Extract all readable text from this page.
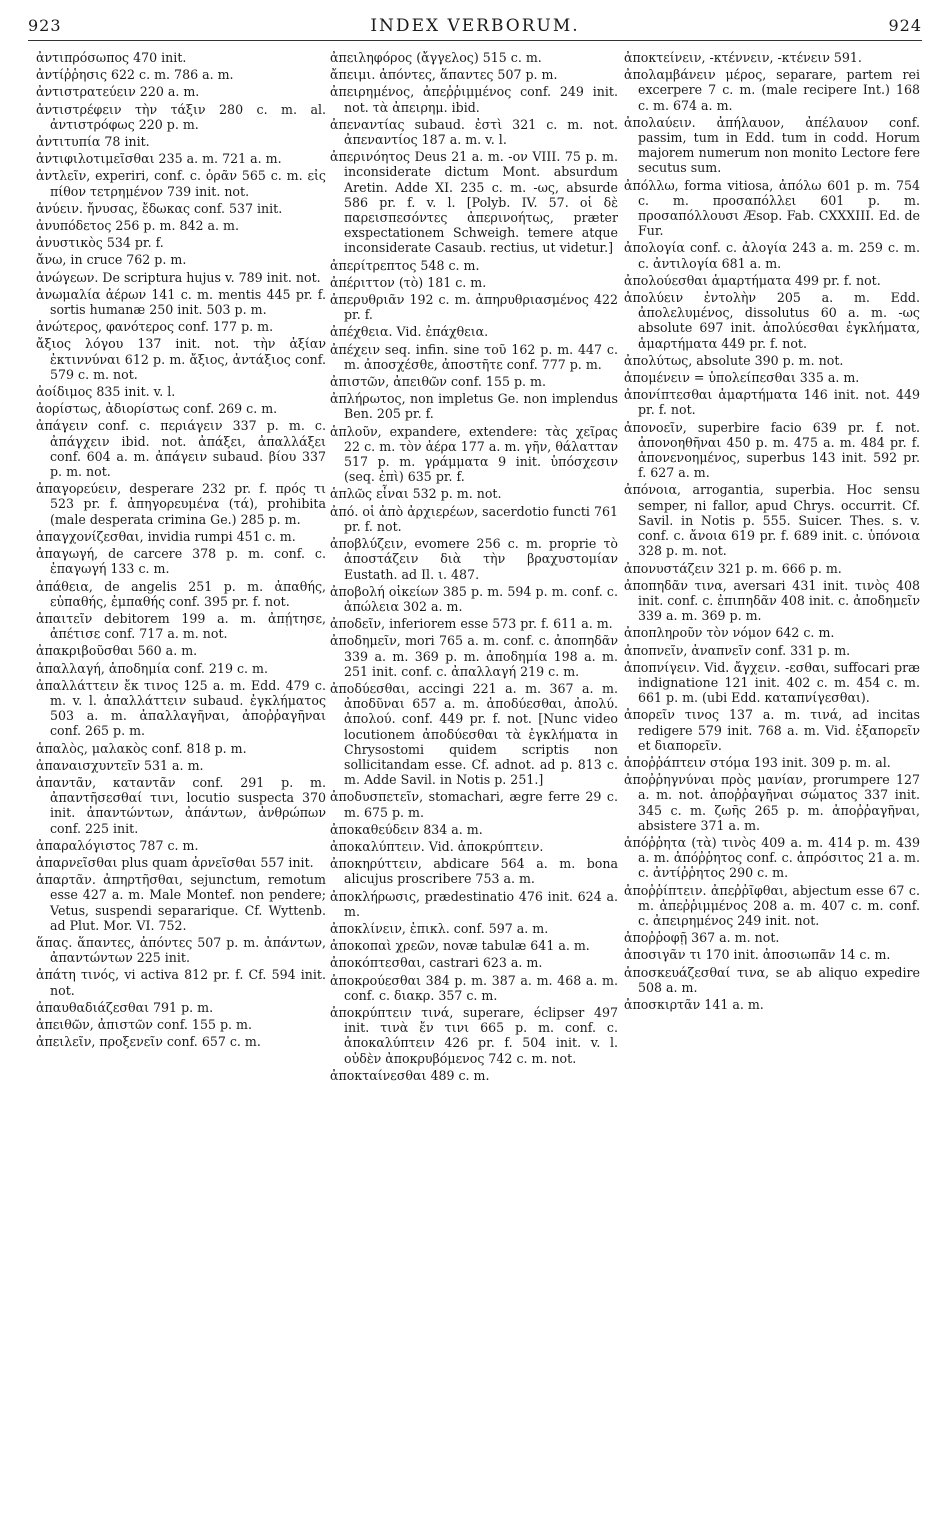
923	INDEX VERBORUM.	924
ἀντιπρόσωπος 470 init.
ἀντίῤῥησις 622 c. m. 786 a. m.
ἀντιστρατεύειν 220 a. m.
ἀντιστρέφειν τὴν τάξιν 280 c. m. al. ἀντιστρόφως 220 p. m.
ἀντιτυπία 78 init.
ἀντιφιλοτιμεῖσθαι 235 a. m. 721 a. m.
ἀντλεῖν, experiri, conf. c. ὁρᾶν 565 c. m. εἰς πίθον τετρημένον 739 init. not.
ἀνύειν. ἤνυσας, ἔδωκας conf. 537 init.
ἀνυπόδετος 256 p. m. 842 a. m.
ἀνυστικὸς 534 pr. f.
ἄνω, in cruce 762 p. m.
ἀνώγεων. De scriptura hujus v. 789 init. not.
ἀνωμαλία ἀέρων 141 c. m. mentis 445 pr. f. sortis humanæ 250 init. 503 p. m.
ἀνώτερος, φανότερος conf. 177 p. m.
ἄξιος λόγου 137 init. not. τὴν ἀξίαν ἐκτιννύναι 612 p. m. ἄξιος, ἀντάξιος conf. 579 c. m. not.
ἀοίδιμος 835 init. v. l.
ἀορίστως, ἀδιορίστως conf. 269 c. m.
ἀπάγειν conf. c. περιάγειν 337 p. m. c. ἀπάγχειν ibid. not. ἀπάξει, ἀπαλλάξει conf. 604 a. m. ἀπάγειν subaud. βίου 337 p. m. not.
ἀπαγορεύειν, desperare 232 pr. f. πρός τι 523 pr. f. ἀπηγορευμένα (τά), prohibita (male desperata crimina Ge.) 285 p. m.
ἀπαγχονίζεσθαι, invidia rumpi 451 c. m.
ἀπαγωγή, de carcere 378 p. m. conf. c. ἐπαγωγή 133 c. m.
ἀπάθεια, de angelis 251 p. m. ἀπαθής, εὐπαθής, ἐμπαθής conf. 395 pr. f. not.
ἀπαιτεῖν debitorem 199 a. m. ἀπῄτησε, ἀπέτισε conf. 717 a. m. not.
ἀπακριβοῦσθαι 560 a. m.
ἀπαλλαγή, ἀποδημία conf. 219 c. m.
ἀπαλλάττειν ἔκ τινος 125 a. m. Edd. 479 c. m. v. l. ἀπαλλάττειν subaud. ἐγκλήματος 503 a. m. ἀπαλλαγῆναι, ἀποῤῥαγῆναι conf. 265 p. m.
ἁπαλὸς, μαλακὸς conf. 818 p. m.
ἀπαναισχυντεῖν 531 a. m.
ἀπαντᾶν, καταντᾶν conf. 291 p. m. ἀπαντῆσεσθαί τινι, locutio suspecta 370 init. ἀπαντώντων, ἀπάντων, ἀνθρώπων conf. 225 init.
ἀπαραλόγιστος 787 c. m.
ἀπαρνεῖσθαι plus quam ἀρνεῖσθαι 557 init.
ἀπαρτᾶν. ἀπηρτῆσθαι, sejunctum, remotum esse 427 a. m. Male Montef. non pendere; Vetus, suspendi separarique. Cf. Wyttenb. ad Plut. Mor. VI. 752.
ἅπας. ἅπαντες, ἀπόντες 507 p. m. ἀπάντων, ἀπαντώντων 225 init.
ἀπάτη τινός, vi activa 812 pr. f. Cf. 594 init. not.
ἀπαυθαδιάζεσθαι 791 p. m.
ἀπειθῶν, ἀπιστῶν conf. 155 p. m.
ἀπειλεῖν, προξενεῖν conf. 657 c. m.
ἀπειληφόρος (ἄγγελος) 515 c. m.
ἄπειμι. ἀπόντες, ἅπαντες 507 p. m.
ἀπειρημένος, ἀπεῤῥιμμένος conf. 249 init. not. τὰ ἀπειρημ. ibid.
ἀπεναντίας subaud. ἐστὶ 321 c. m. not. ἀπεναντίος 187 a. m. v. l.
ἀπερινόητος Deus 21 a. m. -ον VIII. 75 p. m. inconsiderate dictum Mont. absurdum Aretin. Adde XI. 235 c. m. -ως, absurde 586 pr. f. v. l. [Polyb. IV. 57. οἱ δὲ παρεισπεσόντες ἀπερινοήτως, præter exspectationem Schweigh. temere atque inconsiderate Casaub. rectius, ut videtur.]
ἀπερίτρεπτος 548 c. m.
ἀπέριττον (τὸ) 181 c. m.
ἀπερυθριᾶν 192 c. m. ἀπηρυθριασμένος 422 pr. f.
ἀπέχθεια. Vid. ἐπάχθεια.
ἀπέχειν seq. infin. sine τοῦ 162 p. m. 447 c. m. ἀποσχέσθε, ἀποστῆτε conf. 777 p. m.
ἀπιστῶν, ἀπειθῶν conf. 155 p. m.
ἀπλήρωτος, non impletus Ge. non implendus Ben. 205 pr. f.
ἁπλοῦν, expandere, extendere: τὰς χεῖρας 22 c. m. τὸν ἀέρα 177 a. m. γῆν, θάλατταν 517 p. m. γράμματα 9 init. ὑπόσχεσιν (seq. ἐπὶ) 635 pr. f.
ἁπλῶς εἶναι 532 p. m. not.
ἀπό. οἱ ἀπὸ ἀρχιερέων, sacerdotio functi 761 pr. f. not.
ἀποβλύζειν, evomere 256 c. m. proprie τὸ ἀποστάζειν διὰ τὴν βραχυστομίαν Eustath. ad Il. ι. 487.
ἀποβολή οἰκείων 385 p. m. 594 p. m. conf. c. ἀπώλεια 302 a. m.
ἀποδεῖν, inferiorem esse 573 pr. f. 611 a. m.
ἀποδημεῖν, mori 765 a. m. conf. c. ἀποπηδᾶν 339 a. m. 369 p. m. ἀποδημία 198 a. m. 251 init. conf. c. ἀπαλλαγή 219 c. m.
ἀποδύεσθαι, accingi 221 a. m. 367 a. m. ἀποδῦναι 657 a. m. ἀποδύεσθαι, ἀπολύ. ἀπολού. conf. 449 pr. f. not. [Nunc video locutionem ἀποδύεσθαι τὰ ἐγκλήματα in Chrysostomi quidem scriptis non sollicitandam esse. Cf. adnot. ad p. 813 c. m. Adde Savil. in Notis p. 251.]
ἀποδυσπετεῖν, stomachari, ægre ferre 29 c. m. 675 p. m.
ἀποκαθεύδειν 834 a. m.
ἀποκαλύπτειν. Vid. ἀποκρύπτειν.
ἀποκηρύττειν, abdicare 564 a. m. bona alicujus proscribere 753 a. m.
ἀποκλήρωσις, prædestinatio 476 init. 624 a. m.
ἀποκλίνειν, ἐπικλ. conf. 597 a. m.
ἀποκοπαὶ χρεῶν, novæ tabulæ 641 a. m.
ἀποκόπτεσθαι, castrari 623 a. m.
ἀποκρούεσθαι 384 p. m. 387 a. m. 468 a. m. conf. c. διακρ. 357 c. m.
ἀποκρύπτειν τινά, superare, éclipser 497 init. τινὰ ἔν τινι 665 p. m. conf. c. ἀποκαλύπτειν 426 pr. f. 504 init. v. l. οὐδὲν ἀποκρυβόμενος 742 c. m. not.
ἀποκταίνεσθαι 489 c. m.
ἀποκτείνειν, -κτέννειν, -κτένειν 591.
ἀπολαμβάνειν μέρος, separare, partem rei excerpere 7 c. m. (male recipere Int.) 168 c. m. 674 a. m.
ἀπολαύειν. ἀπήλαυον, ἀπέλαυον conf. passim, tum in Edd. tum in codd. Horum majorem numerum non monito Lectore fere secutus sum.
ἀπόλλω, forma vitiosa, ἀπόλω 601 p. m. 754 c. m. προσαπόλλει 601 p. m. προσαπόλλουσι Æsop. Fab. CXXXIII. Ed. de Fur.
ἀπολογία conf. c. ἀλογία 243 a. m. 259 c. m. c. ἀντιλογία 681 a. m.
ἀπολούεσθαι ἁμαρτήματα 499 pr. f. not.
ἀπολύειν ἐντολὴν 205 a. m. Edd. ἀπολελυμένος, dissolutus 60 a. m. -ως absolute 697 init. ἀπολύεσθαι ἐγκλήματα, ἁμαρτήματα 449 pr. f. not.
ἀπολύτως, absolute 390 p. m. not.
ἀπομένειν = ὑπολείπεσθαι 335 a. m.
ἀπονίπτεσθαι ἁμαρτήματα 146 init. not. 449 pr. f. not.
ἀπονοεῖν, superbire facio 639 pr. f. not. ἀπονοηθῆναι 450 p. m. 475 a. m. 484 pr. f. ἀπονενοημένος, superbus 143 init. 592 pr. f. 627 a. m.
ἀπόνοια, arrogantia, superbia. Hoc sensu semper, ni fallor, apud Chrys. occurrit. Cf. Savil. in Notis p. 555. Suicer. Thes. s. v. conf. c. ἄνοια 619 pr. f. 689 init. c. ὑπόνοια 328 p. m. not.
ἀπονυστάζειν 321 p. m. 666 p. m.
ἀποπηδᾶν τινα, aversari 431 init. τινὸς 408 init. conf. c. ἐπιπηδᾶν 408 init. c. ἀποδημεῖν 339 a. m. 369 p. m.
ἀποπληροῦν τὸν νόμον 642 c. m.
ἀποπνεῖν, ἀναπνεῖν conf. 331 p. m.
ἀποπνίγειν. Vid. ἄγχειν. -εσθαι, suffocari præ indignatione 121 init. 402 c. m. 454 c. m. 661 p. m. (ubi Edd. καταπνίγεσθαι).
ἀπορεῖν τινος 137 a. m. τινά, ad incitas redigere 579 init. 768 a. m. Vid. ἐξαπορεῖν et διαπορεῖν.
ἀποῤῥάπτειν στόμα 193 init. 309 p. m. al.
ἀποῤῥηγνύναι πρὸς μανίαν, prorumpere 127 a. m. not. ἀποῤῥαγῆναι σώματος 337 init. 345 c. m. ζωῆς 265 p. m. ἀποῤῥαγῆναι, absistere 371 a. m.
ἀπόῤῥητα (τὰ) τινὸς 409 a. m. 414 p. m. 439 a. m. ἀπόῤῥητος conf. c. ἀπρόσιτος 21 a. m. c. ἀντίῤῥητος 290 c. m.
ἀποῤῥίπτειν. ἀπεῤῥῖφθαι, abjectum esse 67 c. m. ἀπεῤῥιμμένος 208 a. m. 407 c. m. conf. c. ἀπειρημένος 249 init. not.
ἀποῤῥοφῇ 367 a. m. not.
ἀποσιγᾶν τι 170 init. ἀποσιωπᾶν 14 c. m.
ἀποσκευάζεσθαί τινα, se ab aliquo expedire 508 a. m.
ἀποσκιρτᾶν 141 a. m.
